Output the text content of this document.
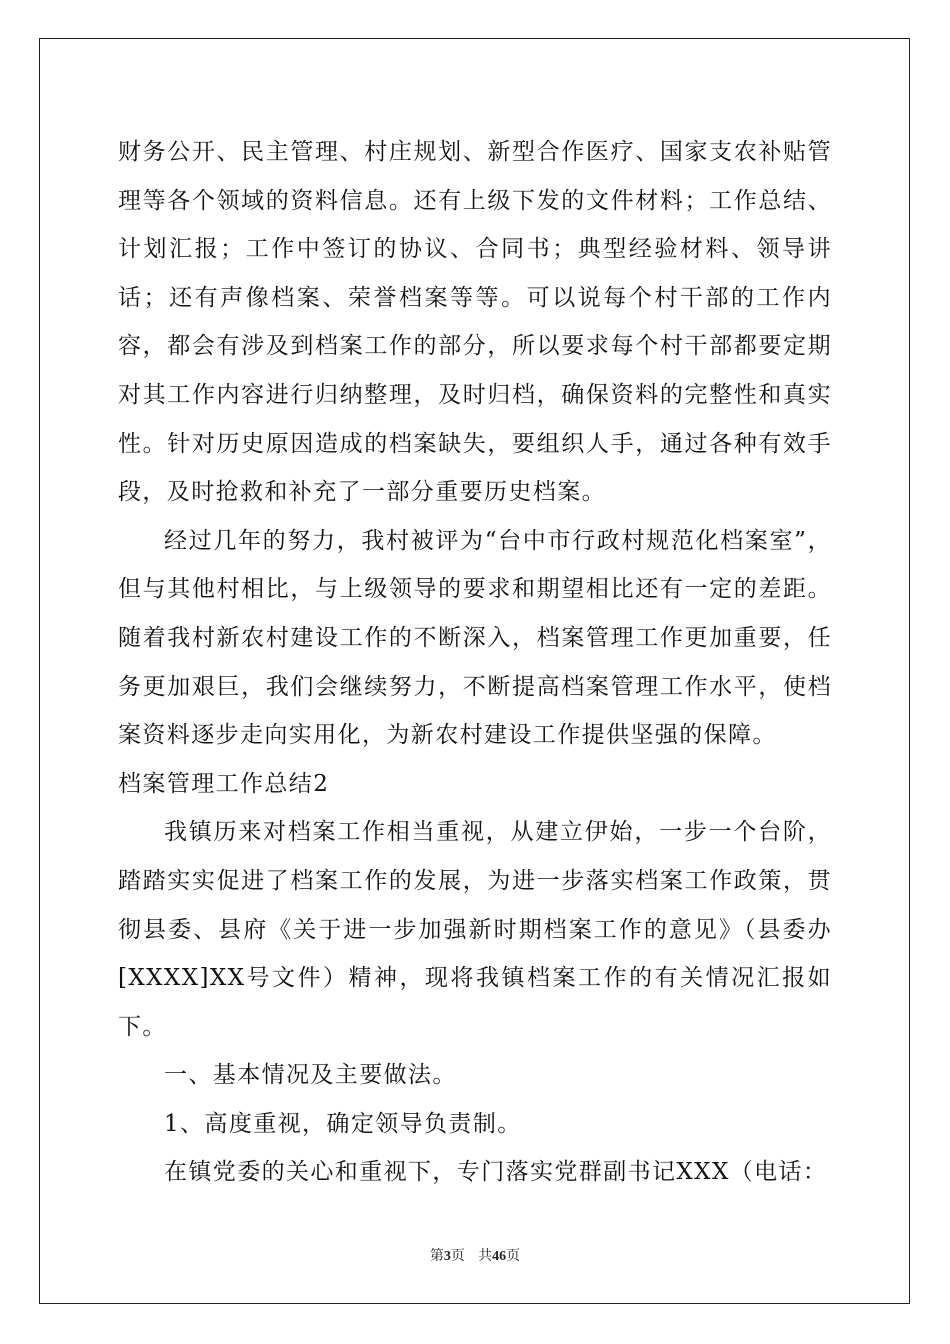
财务公开、民主管理、村庄规划、新型合作医疗、国家支农补贴管理等各个领域的资料信息。还有上级下发的文件材料；工作总结、计划汇报；工作中签订的协议、合同书；典型经验材料、领导讲话；还有声像档案、荣誉档案等等。可以说每个村干部的工作内容，都会有涉及到档案工作的部分，所以要求每个村干部都要定期对其工作内容进行归纳整理，及时归档，确保资料的完整性和真实性。针对历史原因造成的档案缺失，要组织人手，通过各种有效手段，及时抢救和补充了一部分重要历史档案。

经过几年的努力，我村被评为“台中市行政村规范化档案室”，但与其他村相比，与上级领导的要求和期望相比还有一定的差距。随着我村新农村建设工作的不断深入，档案管理工作更加重要，任务更加艰巨，我们会继续努力，不断提高档案管理工作水平，使档案资料逐步走向实用化，为新农村建设工作提供坚强的保障。

档案管理工作总结2

我镇历来对档案工作相当重视，从建立伊始，一步一个台阶，踏踏实实促进了档案工作的发展，为进一步落实档案工作政策，贯彻县委、县府《关于进一步加强新时期档案工作的意见》（县委办[XXXX]XX号文件）精神，现将我镇档案工作的有关情况汇报如下。

一、基本情况及主要做法。

1、高度重视，确定领导负责制。

在镇党委的关心和重视下，专门落实党群副书记XXX（电话：

第3页 共46页
